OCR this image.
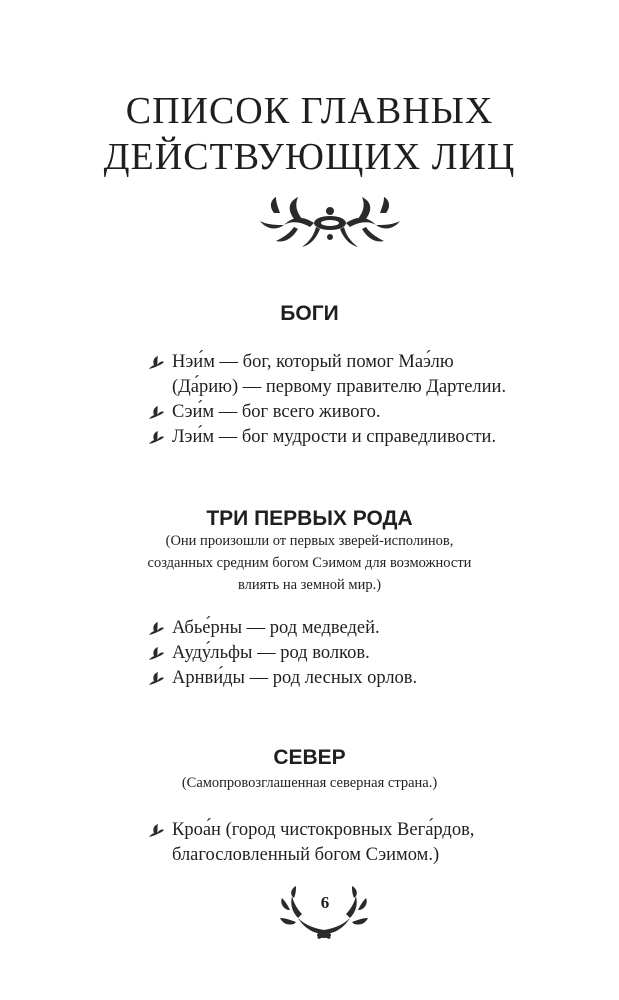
СПИСОК ГЛАВНЫХ
ДЕЙСТВУЮЩИХ ЛИЦ
БОГИ
Нэи́м — бог, который помог Маэ́лю
(Да́рию) — первому правителю Дартелии.
Сэи́м — бог всего живого.
Лэи́м — бог мудрости и справедливости.
ТРИ ПЕРВЫХ РОДА
(Они произошли от первых зверей-исполинов,
созданных средним богом Сэимом для возможности
влиять на земной мир.)
Абье́рны — род медведей.
Ауду́льфы — род волков.
Арнви́ды — род лесных орлов.
СЕВЕР
(Самопровозглашенная северная страна.)
Кроа́н (город чистокровных Вега́рдов,
благословленный богом Сэимом.)
6
